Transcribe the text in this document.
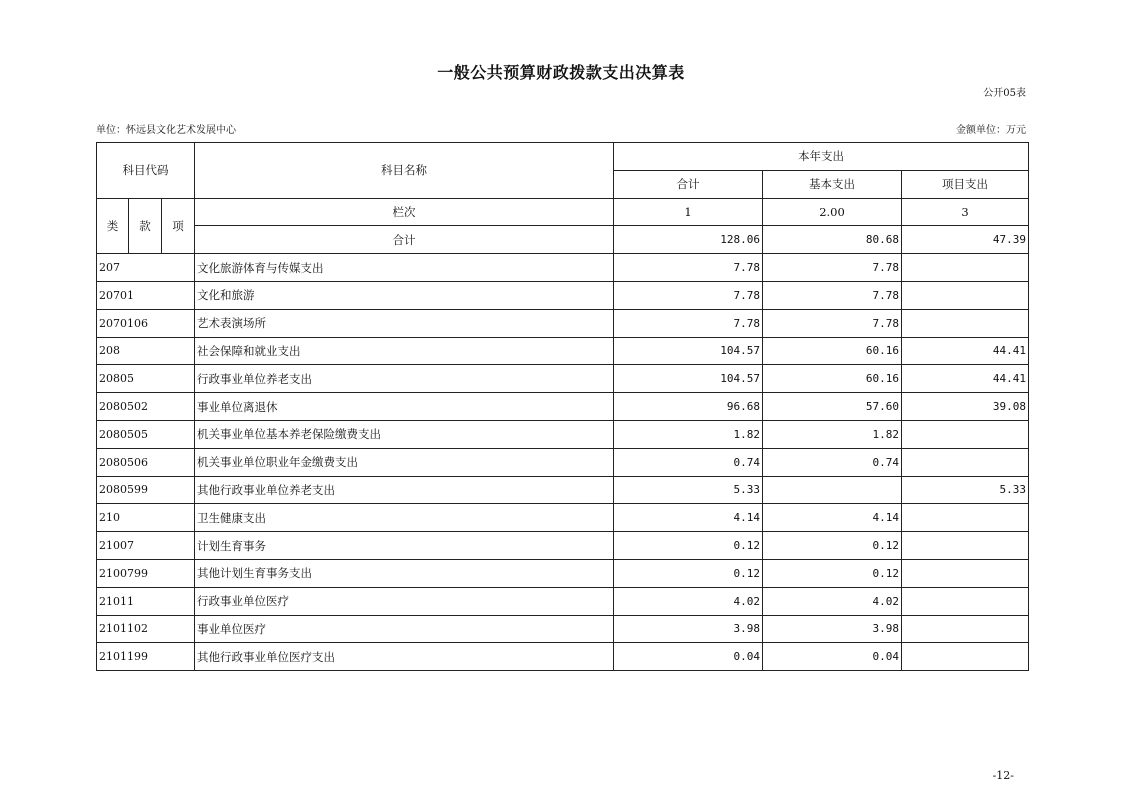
一般公共预算财政拨款支出决算表
公开05表
单位：怀远县文化艺术发展中心	金额单位：万元
科目代码			科目名称	本年支出		
				合计	基本支出	项目支出
类	款	项	栏次	1	2.00	3
			合计	128.06	80.68	47.39
207			文化旅游体育与传媒支出	7.78	7.78	
20701			文化和旅游	7.78	7.78	
2070106			艺术表演场所	7.78	7.78	
208			社会保障和就业支出	104.57	60.16	44.41
20805			行政事业单位养老支出	104.57	60.16	44.41
2080502			事业单位离退休	96.68	57.60	39.08
2080505			机关事业单位基本养老保险缴费支出	1.82	1.82	
2080506			机关事业单位职业年金缴费支出	0.74	0.74	
2080599			其他行政事业单位养老支出	5.33		5.33
210			卫生健康支出	4.14	4.14	
21007			计划生育事务	0.12	0.12	
2100799			其他计划生育事务支出	0.12	0.12	
21011			行政事业单位医疗	4.02	4.02	
2101102			事业单位医疗	3.98	3.98	
2101199			其他行政事业单位医疗支出	0.04	0.04	
-12-
